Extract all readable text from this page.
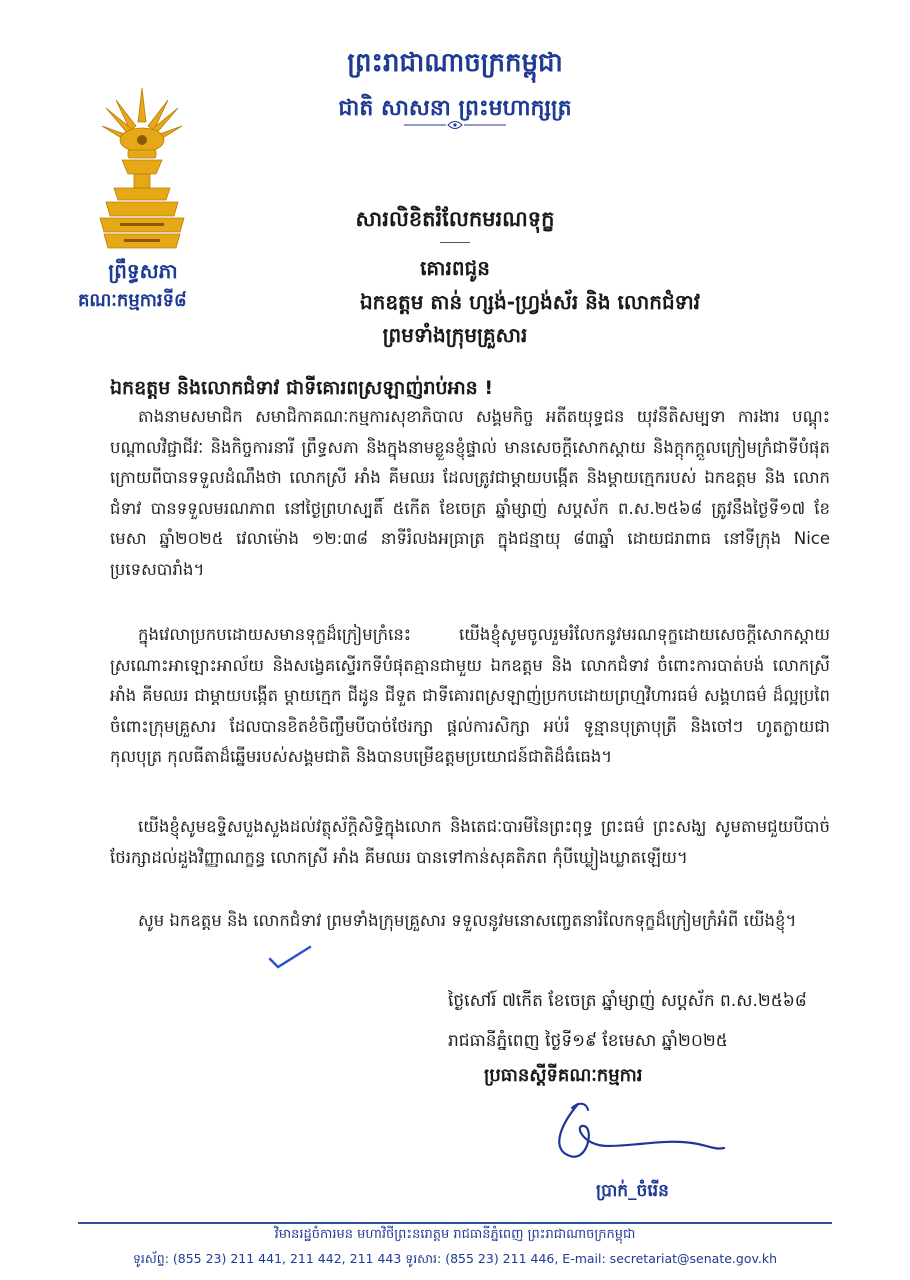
ព្រះរាជាណាចក្រកម្ពុជា
ជាតិ សាសនា ព្រះមហាក្សត្រ
ព្រឹទ្ធសភា
គណៈកម្មការទី៨
សារលិខិតរំលែកមរណទុក្ខ
គោរពជូន
ឯកឧត្តម តាន់ ហ្សង់-ហ្វ្រង់ស័រ និង លោកជំទាវ
ព្រមទាំងក្រុមគ្រួសារ
ឯកឧត្តម និងលោកជំទាវ ជាទីគោរពស្រឡាញ់រាប់អាន !

តាងនាមសមាជិក សមាជិកាគណៈកម្មការសុខាភិបាល សង្គមកិច្ច អតីតយុទ្ធជន យុវនីតិសម្បទា ការងារ បណ្តុះបណ្តាលវិជ្ជាជីវៈ និងកិច្ចការនារី ព្រឹទ្ធសភា និងក្នុងនាមខ្លួនខ្ញុំផ្ទាល់ មានសេចក្តីសោកស្តាយ និងក្តុកក្តួលក្រៀមក្រំជាទីបំផុត ក្រោយពីបានទទួលដំណឹងថា លោកស្រី អាំង គីមឈរ ដែលត្រូវជាម្តាយបង្កើត និងម្តាយក្មេករបស់ ឯកឧត្តម និង លោកជំទាវ បានទទួលមរណភាព នៅថ្ងៃព្រហស្បតិ៍ ៥កើត ខែចេត្រ ឆ្នាំម្សាញ់ សប្តស័ក ព.ស.២៥៦៨ ត្រូវនឹងថ្ងៃទី១៧ ខែមេសា ឆ្នាំ២០២៥ វេលាម៉ោង ១២:៣៨ នាទីរំលងអធ្រាត្រ ក្នុងជន្មាយុ ៨៣ឆ្នាំ ដោយជរាពាធ នៅទីក្រុង Nice ប្រទេសបារាំង។

ក្នុងវេលាប្រកបដោយសមានទុក្ខដ៏ក្រៀមក្រំនេះ យើងខ្ញុំសូមចូលរួមរំលែកនូវមរណទុក្ខដោយសេចក្តីសោកស្តាយស្រណោះអាឡោះអាល័យ និងសង្វេគស្ទើរកទីបំផុតគ្មានជាមួយ ឯកឧត្តម និង លោកជំទាវ ចំពោះការបាត់បង់ លោកស្រី អាំង គីមឈរ ជាម្តាយបង្កើត ម្តាយក្មេក ជីដូន ជីទួត ជាទីគោរពស្រឡាញ់ប្រកបដោយព្រហ្មវិហារធម៌ សង្គហធម៌ ដ៏ល្អប្រពៃចំពោះក្រុមគ្រួសារ ដែលបានខិតខំចិញ្ចឹមបីបាច់ថែរក្សា ផ្តល់ការសិក្សា អប់រំ ទូន្មានបុត្រាបុត្រី និងចៅៗ ហូតក្លាយជាកុលបុត្រ កុលធីតាដ៏ឆ្នើមរបស់សង្គមជាតិ និងបានបម្រើឧត្តមប្រយោជន៍ជាតិដ៏ធំធេង។

យើងខ្ញុំសូមឧទ្ទិសបួងសួងដល់វត្ថុស័ក្តិសិទ្ធិក្នុងលោក និងតេជៈបារមីនៃព្រះពុទ្ធ ព្រះធម៌ ព្រះសង្ឃ សូមតាមជួយបីបាច់ថែរក្សាដល់ដួងវិញ្ញាណក្ខន្ធ លោកស្រី អាំង គីមឈរ បានទៅកាន់សុគតិភព កុំបីឃ្លៀងឃ្លាតឡើយ។

សូម ឯកឧត្តម និង លោកជំទាវ ព្រមទាំងក្រុមគ្រួសារ ទទួលនូវមនោសញ្ចេតនារំលែកទុក្ខដ៏ក្រៀមក្រំអំពី យើងខ្ញុំ។

ថ្ងៃសៅរ៍ ៧កើត ខែចេត្រ ឆ្នាំម្សាញ់ សប្តស័ក ព.ស.២៥៦៨
រាជធានីភ្នំពេញ ថ្ងៃទី១៩ ខែមេសា ឆ្នាំ២០២៥
ប្រធានស្តីទីគណៈកម្មការ
ប្រាក់_ចំរើន
វិមានរដ្ឋចំការមន មហាវិថីព្រះនរោត្តម រាជធានីភ្នំពេញ ព្រះរាជាណាចក្រកម្ពុជា
ទូរស័ព្ទ: (855 23) 211 441, 211 442, 211 443 ទូរសារ: (855 23) 211 446, E-mail: secretariat@senate.gov.kh
